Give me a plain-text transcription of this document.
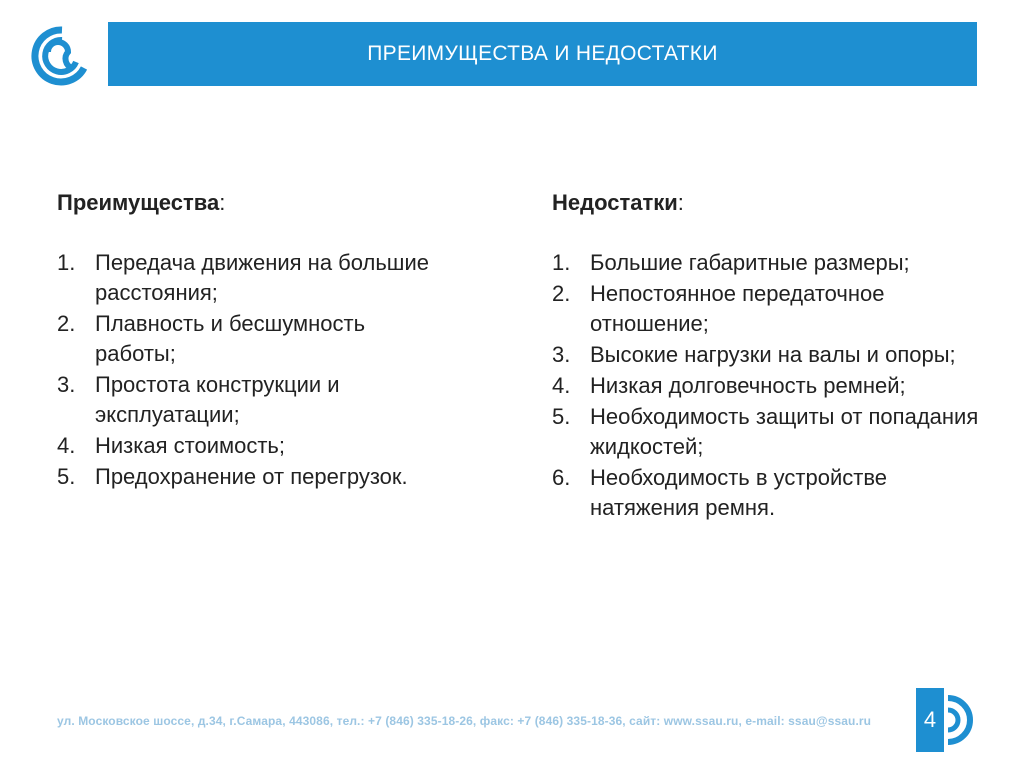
ПРЕИМУЩЕСТВА И НЕДОСТАТКИ
Преимущества:
1. Передача движения на большие расстояния;
2. Плавность и бесшумность работы;
3. Простота конструкции и эксплуатации;
4. Низкая стоимость;
5. Предохранение от перегрузок.
Недостатки:
1. Большие габаритные размеры;
2. Непостоянное передаточное отношение;
3. Высокие нагрузки на валы и опоры;
4. Низкая долговечность ремней;
5. Необходимость защиты от попадания жидкостей;
6. Необходимость в устройстве натяжения ремня.
ул. Московское шоссе, д.34, г.Самара, 443086, тел.: +7 (846) 335-18-26, факс: +7 (846) 335-18-36, сайт: www.ssau.ru, e-mail: ssau@ssau.ru 4
